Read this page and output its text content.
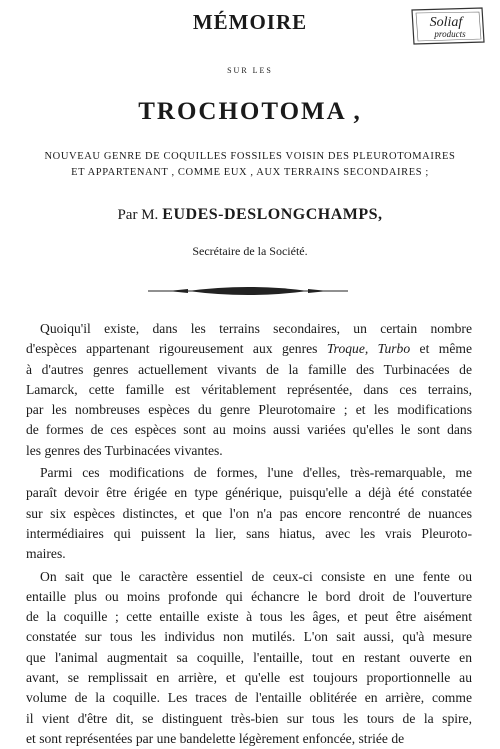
Soliaf
products
MÉMOIRE
SUR LES
TROCHOTOMA ,
NOUVEAU GENRE DE COQUILLES FOSSILES VOISIN DES PLEUROTOMAIRES
ET APPARTENANT , COMME EUX , AUX TERRAINS SECONDAIRES ;
Par M. EUDES-DESLONGCHAMPS,
Secrétaire de la Société.
Quoiqu'il existe, dans les terrains secondaires, un certain nombre
d'espèces appartenant rigoureusement aux genres Troque, Turbo et même
à d'autres genres actuellement vivants de la famille des Turbinacées de
Lamarck, cette famille est véritablement représentée, dans ces terrains,
par les nombreuses espèces du genre Pleurotomaire ; et les modifications
de formes de ces espèces sont au moins aussi variées qu'elles le sont dans
les genres des Turbinacées vivantes.
Parmi ces modifications de formes, l'une d'elles, très-remarquable, me
paraît devoir être érigée en type générique, puisqu'elle a déjà été constatée
sur six espèces distinctes, et que l'on n'a pas encore rencontré de nuances
intermédiaires qui puissent la lier, sans hiatus, avec les vrais Pleuroto-
maires.
On sait que le caractère essentiel de ceux-ci consiste en une fente ou
entaille plus ou moins profonde qui échancre le bord droit de l'ouverture
de la coquille ; cette entaille existe à tous les âges, et peut être aisément
constatée sur tous les individus non mutilés. L'on sait aussi, qu'à mesure
que l'animal augmentait sa coquille, l'entaille, tout en restant ouverte en
avant, se remplissait en arrière, et qu'elle est toujours proportionnelle au
volume de la coquille. Les traces de l'entaille oblitérée en arrière, comme
il vient d'être dit, se distinguent très-bien sur tous les tours de la spire,
et sont représentées par une bandelette légèrement enfoncée, striée de
